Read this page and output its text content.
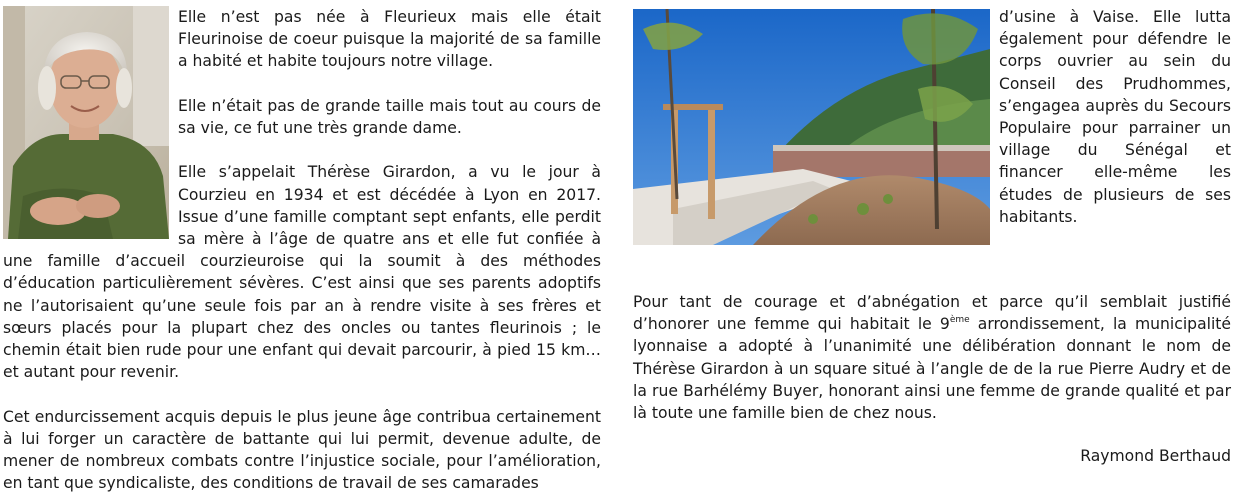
Elle n’est pas née à Fleurieux mais elle était Fleurinoise de coeur puisque la majorité de sa famille a habité et habite toujours notre village.

Elle n’était pas de grande taille mais tout au cours de sa vie, ce fut une très grande dame.

Elle s’appelait Thérèse Girardon, a vu le jour à Courzieu en 1934 et est décédée à Lyon en 2017. Issue d’une famille comptant sept enfants, elle perdit sa mère à l’âge de quatre ans et elle fut confiée à une famille d’accueil courzieuroise qui la soumit à des méthodes d’éducation particulièrement sévères. C’est ainsi que ses parents adoptifs ne l’autorisaient qu’une seule fois par an à rendre visite à ses frères et sœurs placés pour la plupart chez des oncles ou tantes fleurinois ; le chemin était bien rude pour une enfant qui devait parcourir, à pied 15 km… et autant pour revenir.

Cet endurcissement acquis depuis le plus jeune âge contribua certainement à lui forger un caractère de battante qui lui permit, devenue adulte, de mener de nombreux combats contre l’injustice sociale, pour l’amélioration, en tant que syndicaliste, des conditions de travail de ses camarades

d’usine à Vaise. Elle lutta également pour défendre le corps ouvrier au sein du Conseil des Prudhommes, s’engagea auprès du Secours Populaire pour parrainer un village du Sénégal et financer elle-même les études de plusieurs de ses habitants.

Pour tant de courage et d’abnégation et parce qu’il semblait justifié d’honorer une femme qui habitait le 9ème arrondissement, la municipalité lyonnaise a adopté à l’unanimité une délibération donnant le nom de Thérèse Girardon à un square situé à l’angle de de la rue Pierre Audry et de la rue Barhélémy Buyer, honorant ainsi une femme de grande qualité et par là toute une famille bien de chez nous.

Raymond Berthaud
